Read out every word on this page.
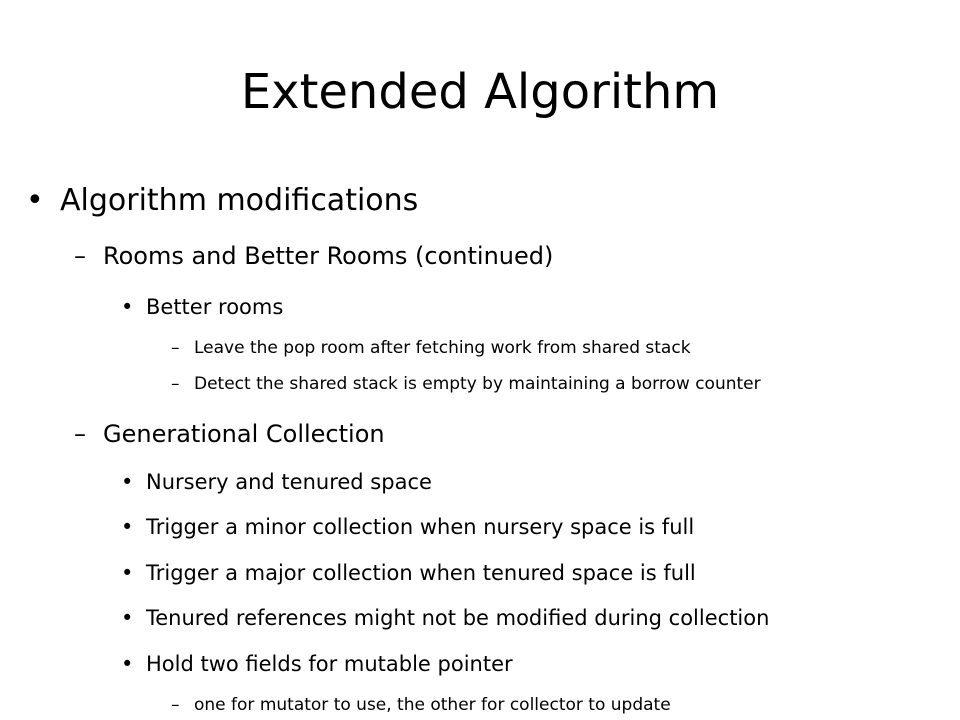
Extended Algorithm
• Algorithm modifications
– Rooms and Better Rooms (continued)
• Better rooms
– Leave the pop room after fetching work from shared stack
– Detect the shared stack is empty by maintaining a borrow counter
– Generational Collection
• Nursery and tenured space
• Trigger a minor collection when nursery space is full
• Trigger a major collection when tenured space is full
• Tenured references might not be modified during collection
• Hold two fields for mutable pointer
– one for mutator to use, the other for collector to update
